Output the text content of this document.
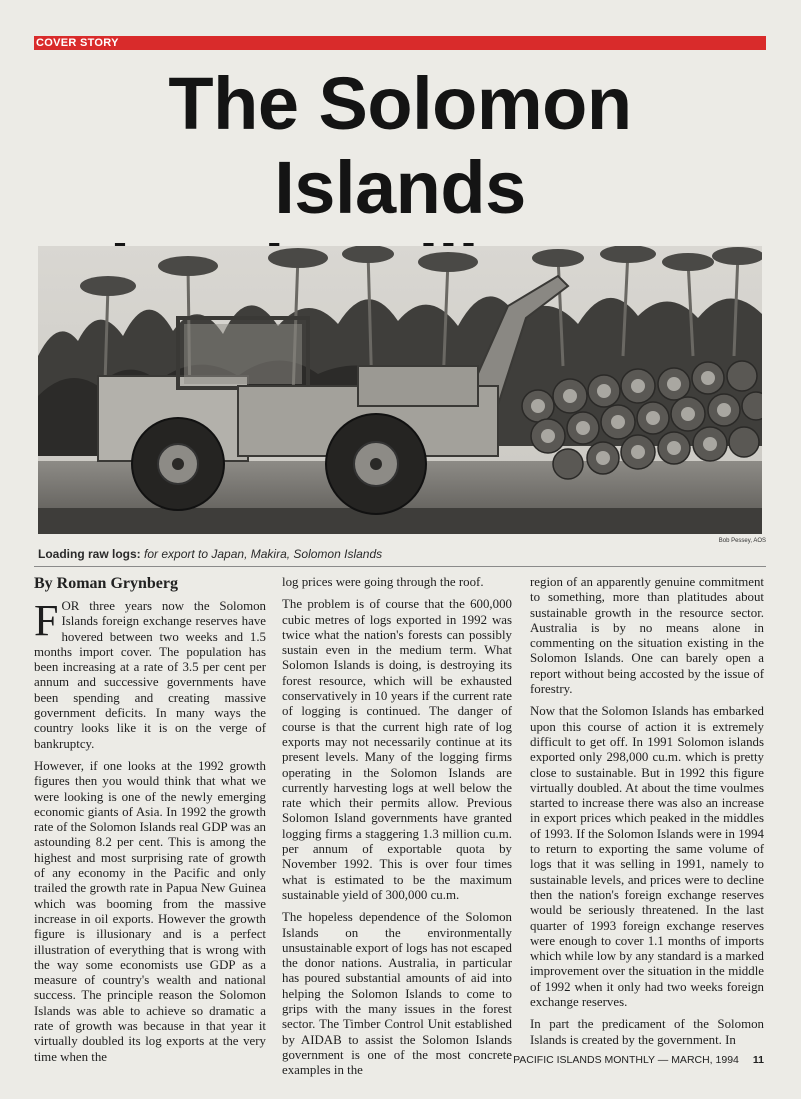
COVER STORY
The Solomon Islands

Bob Pessey, AOS
Loading raw logs: for export to Japan, Makira, Solomon Islands
By Roman Grynberg

FOR three years now the Solomon Islands foreign exchange reserves have hovered between two weeks and 1.5 months import cover. The population has been increasing at a rate of 3.5 per cent per annum and successive governments have been spending and creating massive government deficits. In many ways the country looks like it is on the verge of bankruptcy.

However, if one looks at the 1992 growth figures then you would think that what we were looking is one of the newly emerging economic giants of Asia. In 1992 the growth rate of the Solomon Islands real GDP was an astounding 8.2 per cent. This is among the highest and most surprising rate of growth of any economy in the Pacific and only trailed the growth rate in Papua New Guinea which was booming from the massive increase in oil exports. However the growth figure is illusionary and is a perfect illustration of everything that is wrong with the way some economists use GDP as a measure of country's wealth and national success. The principle reason the Solomon Islands was able to achieve so dramatic a rate of growth was because in that year it virtually doubled its log exports at the very time when the

log prices were going through the roof.

The problem is of course that the 600,000 cubic metres of logs exported in 1992 was twice what the nation's forests can possibly sustain even in the medium term. What Solomon Islands is doing, is destroying its forest resource, which will be exhausted conservatively in 10 years if the current rate of logging is continued. The danger of course is that the current high rate of log exports may not necessarily continue at its present levels. Many of the logging firms operating in the Solomon Islands are currently harvesting logs at well below the rate which their permits allow. Previous Solomon Island governments have granted logging firms a staggering 1.3 million cu.m. per annum of exportable quota by November 1992. This is over four times what is estimated to be the maximum sustainable yield of 300,000 cu.m.

The hopeless dependence of the Solomon Islands on the environmentally unsustainable export of logs has not escaped the donor nations. Australia, in particular has poured substantial amounts of aid into helping the Solomon Islands to come to grips with the many issues in the forest sector. The Timber Control Unit established by AIDAB to assist the Solomon Islands government is one of the most concrete examples in the

region of an apparently genuine commitment to something, more than platitudes about sustainable growth in the resource sector. Australia is by no means alone in commenting on the situation existing in the Solomon Islands. One can barely open a report without being accosted by the issue of forestry.

Now that the Solomon Islands has embarked upon this course of action it is extremely difficult to get off. In 1991 Solomon islands exported only 298,000 cu.m. which is pretty close to sustainable. But in 1992 this figure virtually doubled. At about the time voulmes started to increase there was also an increase in export prices which peaked in the middles of 1993. If the Solomon Islands were in 1994 to return to exporting the same volume of logs that it was selling in 1991, namely to sustainable levels, and prices were to decline then the nation's foreign exchange reserves would be seriously threatened. In the last quarter of 1993 foreign exchange reserves were enough to cover 1.1 months of imports which while low by any standard is a marked improvement over the situation in the middle of 1992 when it only had two weeks foreign exchange reserves.

In part the predicament of the Solomon Islands is created by the government. In

PACIFIC ISLANDS MONTHLY — MARCH, 1994 11
